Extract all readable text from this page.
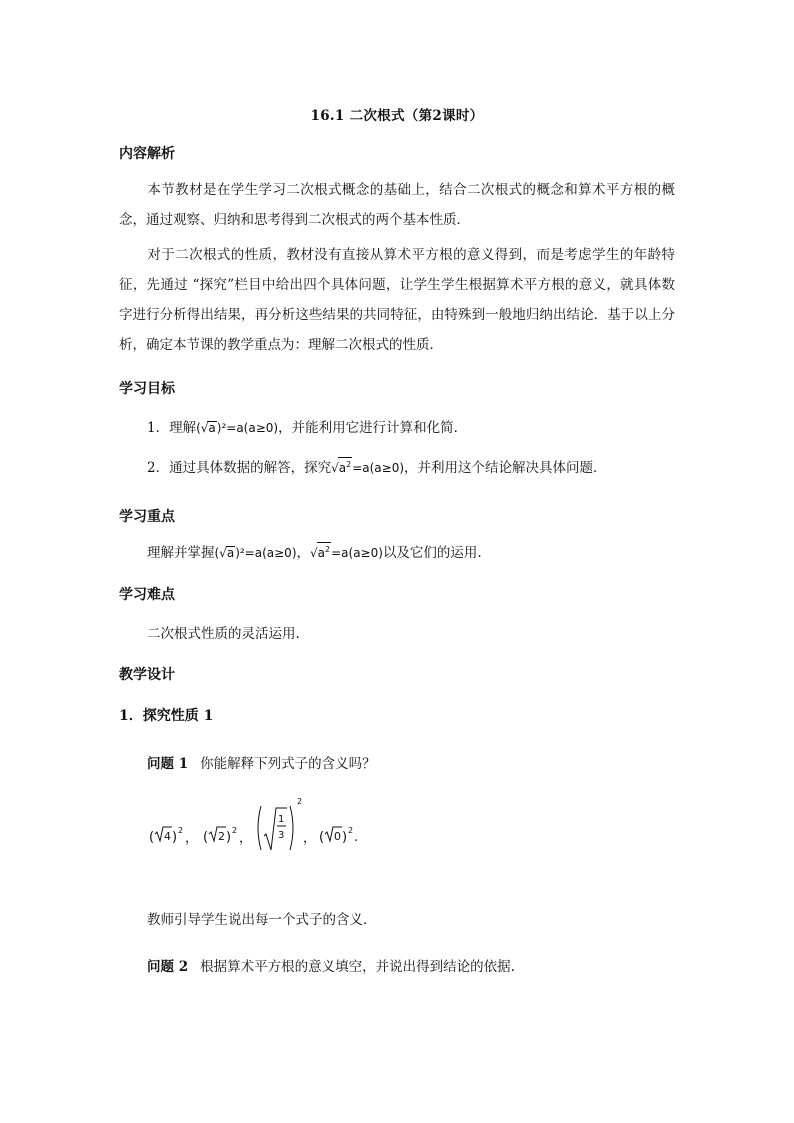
16.1 二次根式（第2课时）
内容解析
本节教材是在学生学习二次根式概念的基础上，结合二次根式的概念和算术平方根的概念，通过观察、归纳和思考得到二次根式的两个基本性质．
对于二次根式的性质，教材没有直接从算术平方根的意义得到，而是考虑学生的年龄特征，先通过 “探究”栏目中给出四个具体问题，让学生学生根据算术平方根的意义，就具体数字进行分析得出结果，再分析这些结果的共同特征，由特殊到一般地归纳出结论．基于以上分析，确定本节课的教学重点为：理解二次根式的性质．
学习目标
1．理解(√a)²=a(a≥0)，并能利用它进行计算和化简．
2．通过具体数据的解答，探究$√a^2=a(a\ge 0)$，并利用这个结论解决具体问题．
学习重点
理解并掌握(√a)²=a(a≥0)，$√a^2=a(a\ge 0)$以及它们的运用.
学习难点
二次根式性质的灵活运用.
教学设计
1．探究性质 1
问题 1 你能解释下列式子的含义吗？
( 4 ) 2
， ( 2 ) 2
，
1
3
2
， ( 0 ) 2 .
教师引导学生说出每一个式子的含义．
问题 2 根据算术平方根的意义填空，并说出得到结论的依据.
